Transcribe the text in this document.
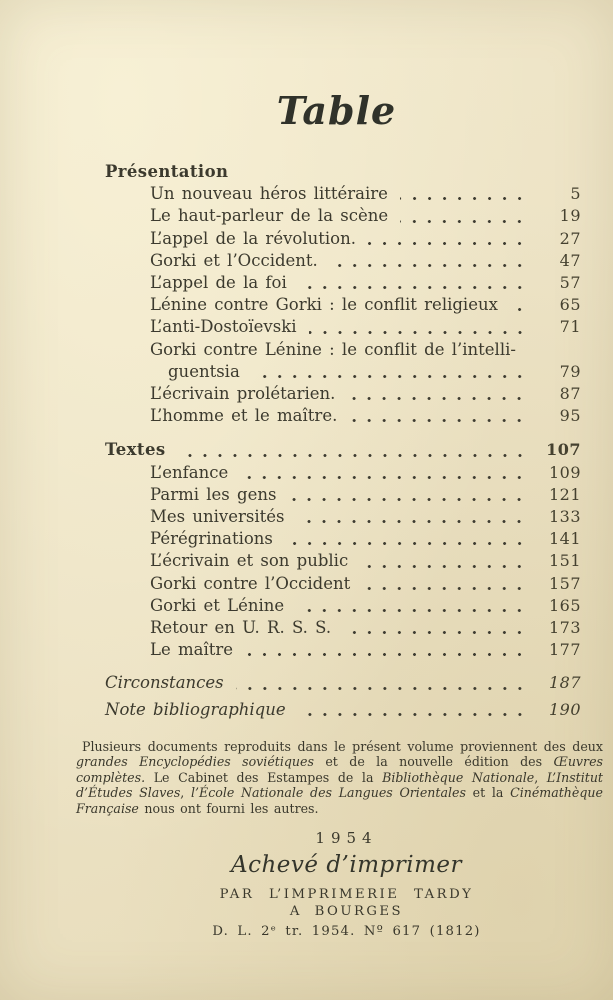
Table
Présentation
Un nouveau héros littéraire	5
Le haut-parleur de la scène	19
L’appel de la révolution.	27
Gorki et l’Occident.	47
L’appel de la foi	57
Lénine contre Gorki : le conflit religieux	65
L’anti-Dostoïevski	71
Gorki contre Lénine : le conflit de l’intelli-
guentsia	79
L’écrivain prolétarien.	87
L’homme et le maître.	95
Textes	107
L’enfance	109
Parmi les gens	121
Mes universités	133
Pérégrinations	141
L’écrivain et son public	151
Gorki contre l’Occident	157
Gorki et Lénine	165
Retour en U. R. S. S.	173
Le maître	177
Circonstances	187
Note bibliographique	190

Plusieurs documents reproduits dans le présent volume proviennent des deux grandes Encyclopédies soviétiques et de la nouvelle édition des Œuvres complètes. Le Cabinet des Estampes de la Bibliothèque Nationale, L’Institut d’Études Slaves, l’École Nationale des Langues Orientales et la Cinémathèque Française nous ont fourni les autres.

1954
Achevé d’imprimer
PAR L’IMPRIMERIE TARDY
A BOURGES
D. L. 2ᵉ tr. 1954. Nº 617 (1812)
